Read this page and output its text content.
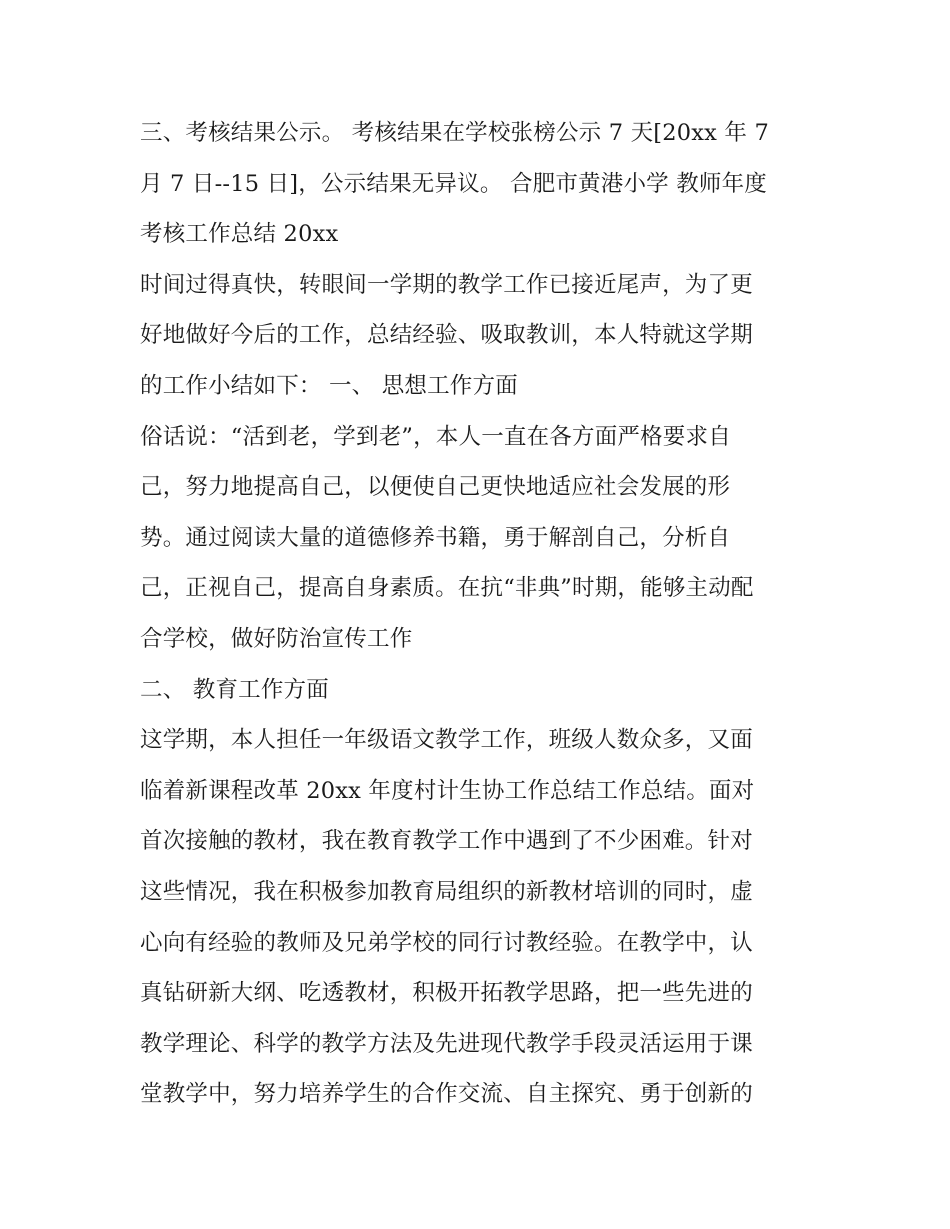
三、考核结果公示。 考核结果在学校张榜公示 7 天[20xx 年 7
月 7 日--15 日]，公示结果无异议。 合肥市黄港小学 教师年度
考核工作总结 20xx
时间过得真快，转眼间一学期的教学工作已接近尾声，为了更
好地做好今后的工作，总结经验、吸取教训，本人特就这学期
的工作小结如下： 一、 思想工作方面
俗话说：“活到老，学到老”，本人一直在各方面严格要求自
己，努力地提高自己，以便使自己更快地适应社会发展的形
势。通过阅读大量的道德修养书籍，勇于解剖自己，分析自
己，正视自己，提高自身素质。在抗“非典”时期，能够主动配
合学校，做好防治宣传工作
二、 教育工作方面
这学期，本人担任一年级语文教学工作，班级人数众多，又面
临着新课程改革 20xx 年度村计生协工作总结工作总结。面对
首次接触的教材，我在教育教学工作中遇到了不少困难。针对
这些情况，我在积极参加教育局组织的新教材培训的同时，虚
心向有经验的教师及兄弟学校的同行讨教经验。在教学中，认
真钻研新大纲、吃透教材，积极开拓教学思路，把一些先进的
教学理论、科学的教学方法及先进现代教学手段灵活运用于课
堂教学中，努力培养学生的合作交流、自主探究、勇于创新的
